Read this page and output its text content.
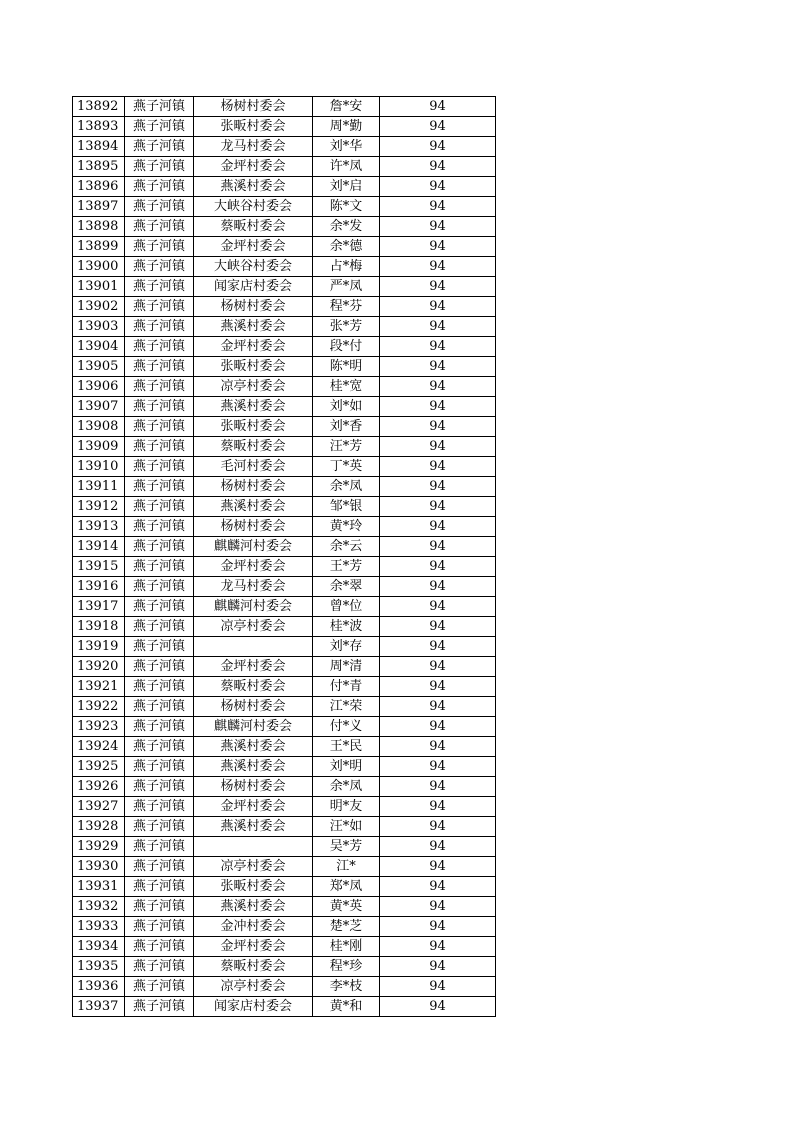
13892	燕子河镇	杨树村委会	詹*安	94
13893	燕子河镇	张畈村委会	周*勤	94
13894	燕子河镇	龙马村委会	刘*华	94
13895	燕子河镇	金坪村委会	许*凤	94
13896	燕子河镇	燕溪村委会	刘*启	94
13897	燕子河镇	大峡谷村委会	陈*文	94
13898	燕子河镇	蔡畈村委会	余*发	94
13899	燕子河镇	金坪村委会	余*德	94
13900	燕子河镇	大峡谷村委会	占*梅	94
13901	燕子河镇	闻家店村委会	严*凤	94
13902	燕子河镇	杨树村委会	程*芬	94
13903	燕子河镇	燕溪村委会	张*芳	94
13904	燕子河镇	金坪村委会	段*付	94
13905	燕子河镇	张畈村委会	陈*明	94
13906	燕子河镇	凉亭村委会	桂*宽	94
13907	燕子河镇	燕溪村委会	刘*如	94
13908	燕子河镇	张畈村委会	刘*香	94
13909	燕子河镇	蔡畈村委会	汪*芳	94
13910	燕子河镇	毛河村委会	丁*英	94
13911	燕子河镇	杨树村委会	余*凤	94
13912	燕子河镇	燕溪村委会	邹*银	94
13913	燕子河镇	杨树村委会	黄*玲	94
13914	燕子河镇	麒麟河村委会	余*云	94
13915	燕子河镇	金坪村委会	王*芳	94
13916	燕子河镇	龙马村委会	余*翠	94
13917	燕子河镇	麒麟河村委会	曾*位	94
13918	燕子河镇	凉亭村委会	桂*波	94
13919	燕子河镇		刘*存	94
13920	燕子河镇	金坪村委会	周*清	94
13921	燕子河镇	蔡畈村委会	付*青	94
13922	燕子河镇	杨树村委会	江*荣	94
13923	燕子河镇	麒麟河村委会	付*义	94
13924	燕子河镇	燕溪村委会	王*民	94
13925	燕子河镇	燕溪村委会	刘*明	94
13926	燕子河镇	杨树村委会	余*凤	94
13927	燕子河镇	金坪村委会	明*友	94
13928	燕子河镇	燕溪村委会	汪*如	94
13929	燕子河镇		吴*芳	94
13930	燕子河镇	凉亭村委会	江*	94
13931	燕子河镇	张畈村委会	郑*凤	94
13932	燕子河镇	燕溪村委会	黄*英	94
13933	燕子河镇	金冲村委会	楚*芝	94
13934	燕子河镇	金坪村委会	桂*刚	94
13935	燕子河镇	蔡畈村委会	程*珍	94
13936	燕子河镇	凉亭村委会	李*枝	94
13937	燕子河镇	闻家店村委会	黄*和	94
